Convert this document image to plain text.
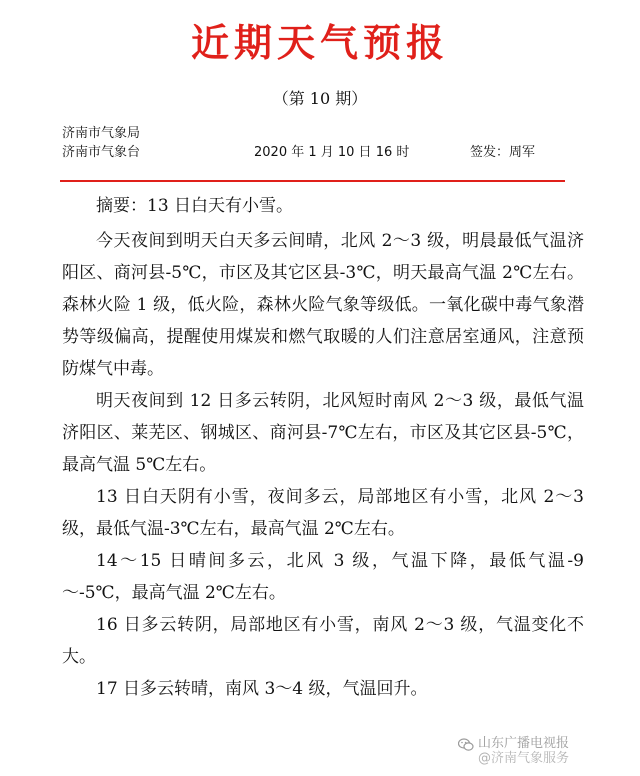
近期天气预报
（第 10 期）
济南市气象局
济南市气象台	2020 年 1 月 10 日 16 时	签发：周军

摘要：13 日白天有小雪。

今天夜间到明天白天多云间晴，北风 2～3 级，明晨最低气温济阳区、商河县-5℃，市区及其它区县-3℃，明天最高气温 2℃左右。森林火险 1 级，低火险，森林火险气象等级低。一氧化碳中毒气象潜势等级偏高，提醒使用煤炭和燃气取暖的人们注意居室通风，注意预防煤气中毒。

明天夜间到 12 日多云转阴，北风短时南风 2～3 级，最低气温济阳区、莱芜区、钢城区、商河县-7℃左右，市区及其它区县-5℃，最高气温 5℃左右。

13 日白天阴有小雪，夜间多云，局部地区有小雪，北风 2～3 级，最低气温-3℃左右，最高气温 2℃左右。

14～15 日晴间多云，北风 3 级，气温下降，最低气温-9～-5℃，最高气温 2℃左右。

16 日多云转阴，局部地区有小雪，南风 2～3 级，气温变化不大。

17 日多云转晴，南风 3～4 级，气温回升。

山东广播电视报
@济南气象服务
